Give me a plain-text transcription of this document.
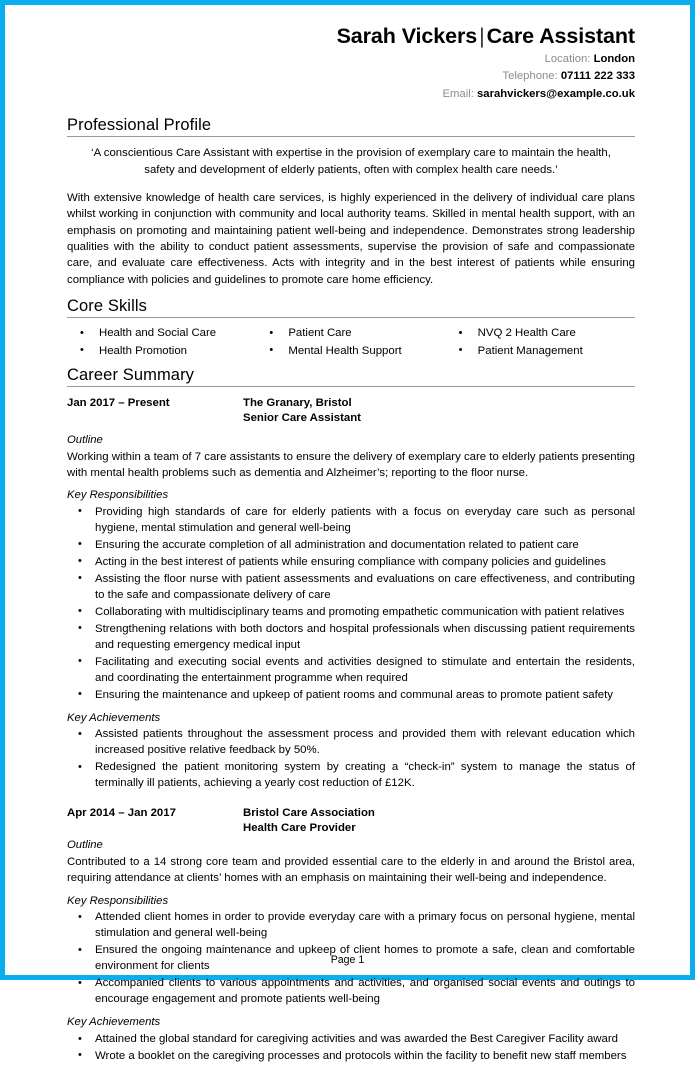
Sarah Vickers|Care Assistant
Location: London
Telephone: 07111 222 333
Email: sarahvickers@example.co.uk
Professional Profile
‘A conscientious Care Assistant with expertise in the provision of exemplary care to maintain the health, safety and development of elderly patients, often with complex health care needs.’
With extensive knowledge of health care services, is highly experienced in the delivery of individual care plans whilst working in conjunction with community and local authority teams. Skilled in mental health support, with an emphasis on promoting and maintaining patient well-being and independence. Demonstrates strong leadership qualities with the ability to conduct patient assessments, supervise the provision of safe and compassionate care, and evaluate care effectiveness. Acts with integrity and in the best interest of patients while ensuring compliance with policies and guidelines to promote care home efficiency.
Core Skills
• Health and Social Care
• Health Promotion
• Patient Care
• Mental Health Support
• NVQ 2 Health Care
• Patient Management
Career Summary
Jan 2017 – Present	The Granary, Bristol
Senior Care Assistant
Outline
Working within a team of 7 care assistants to ensure the delivery of exemplary care to elderly patients presenting with mental health problems such as dementia and Alzheimer’s; reporting to the floor nurse.
Key Responsibilities
• Providing high standards of care for elderly patients with a focus on everyday care such as personal hygiene, mental stimulation and general well-being
• Ensuring the accurate completion of all administration and documentation related to patient care
• Acting in the best interest of patients while ensuring compliance with company policies and guidelines
• Assisting the floor nurse with patient assessments and evaluations on care effectiveness, and contributing to the safe and compassionate delivery of care
• Collaborating with multidisciplinary teams and promoting empathetic communication with patient relatives
• Strengthening relations with both doctors and hospital professionals when discussing patient requirements and requesting emergency medical input
• Facilitating and executing social events and activities designed to stimulate and entertain the residents, and coordinating the entertainment programme when required
• Ensuring the maintenance and upkeep of patient rooms and communal areas to promote patient safety
Key Achievements
• Assisted patients throughout the assessment process and provided them with relevant education which increased positive relative feedback by 50%.
• Redesigned the patient monitoring system by creating a “check-in” system to manage the status of terminally ill patients, achieving a yearly cost reduction of £12K.
Apr 2014 – Jan 2017	Bristol Care Association
Health Care Provider
Outline
Contributed to a 14 strong core team and provided essential care to the elderly in and around the Bristol area, requiring attendance at clients’ homes with an emphasis on maintaining their well-being and independence.
Key Responsibilities
• Attended client homes in order to provide everyday care with a primary focus on personal hygiene, mental stimulation and general well-being
• Ensured the ongoing maintenance and upkeep of client homes to promote a safe, clean and comfortable environment for clients
• Accompanied clients to various appointments and activities, and organised social events and outings to encourage engagement and promote patients well-being
Key Achievements
• Attained the global standard for caregiving activities and was awarded the Best Caregiver Facility award
• Wrote a booklet on the caregiving processes and protocols within the facility to benefit new staff members
Page 1
